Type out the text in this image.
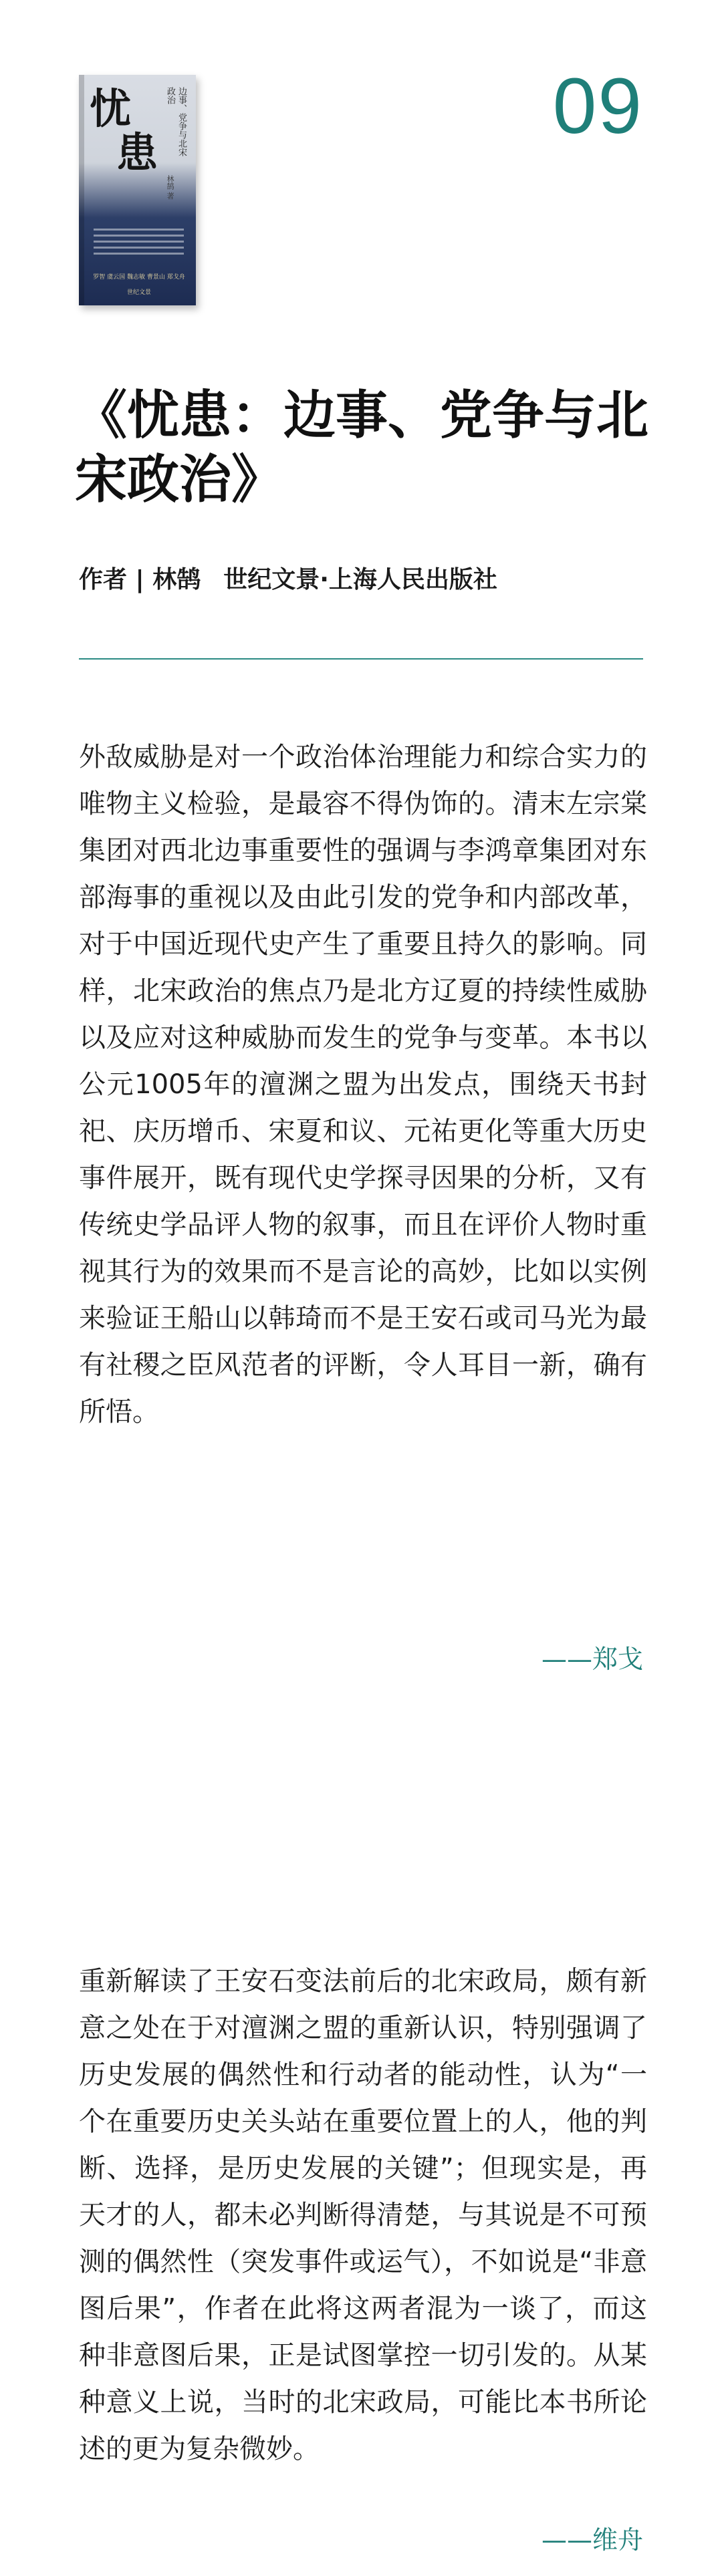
忧
患	边事、党争与北宋政治
林鹄 著
罗智 虞云国 魏志敏 曹景山 郑戈舟
世纪文景
09
《忧患：边事、党争与北宋政治》
作者 | 林鹄 世纪文景·上海人民出版社

外敌威胁是对一个政治体治理能力和综合实力的唯物主义检验，是最容不得伪饰的。清末左宗棠集团对西北边事重要性的强调与李鸿章集团对东部海事的重视以及由此引发的党争和内部改革，对于中国近现代史产生了重要且持久的影响。同样，北宋政治的焦点乃是北方辽夏的持续性威胁以及应对这种威胁而发生的党争与变革。本书以公元1005年的澶渊之盟为出发点，围绕天书封祀、庆历增币、宋夏和议、元祐更化等重大历史事件展开，既有现代史学探寻因果的分析，又有传统史学品评人物的叙事，而且在评价人物时重视其行为的效果而不是言论的高妙，比如以实例来验证王船山以韩琦而不是王安石或司马光为最有社稷之臣风范者的评断，令人耳目一新，确有所悟。

——郑戈

重新解读了王安石变法前后的北宋政局，颇有新意之处在于对澶渊之盟的重新认识，特别强调了历史发展的偶然性和行动者的能动性，认为“一个在重要历史关头站在重要位置上的人，他的判断、选择，是历史发展的关键”；但现实是，再天才的人，都未必判断得清楚，与其说是不可预测的偶然性（突发事件或运气），不如说是“非意图后果”，作者在此将这两者混为一谈了，而这种非意图后果，正是试图掌控一切引发的。从某种意义上说，当时的北宋政局，可能比本书所论述的更为复杂微妙。

——维舟
